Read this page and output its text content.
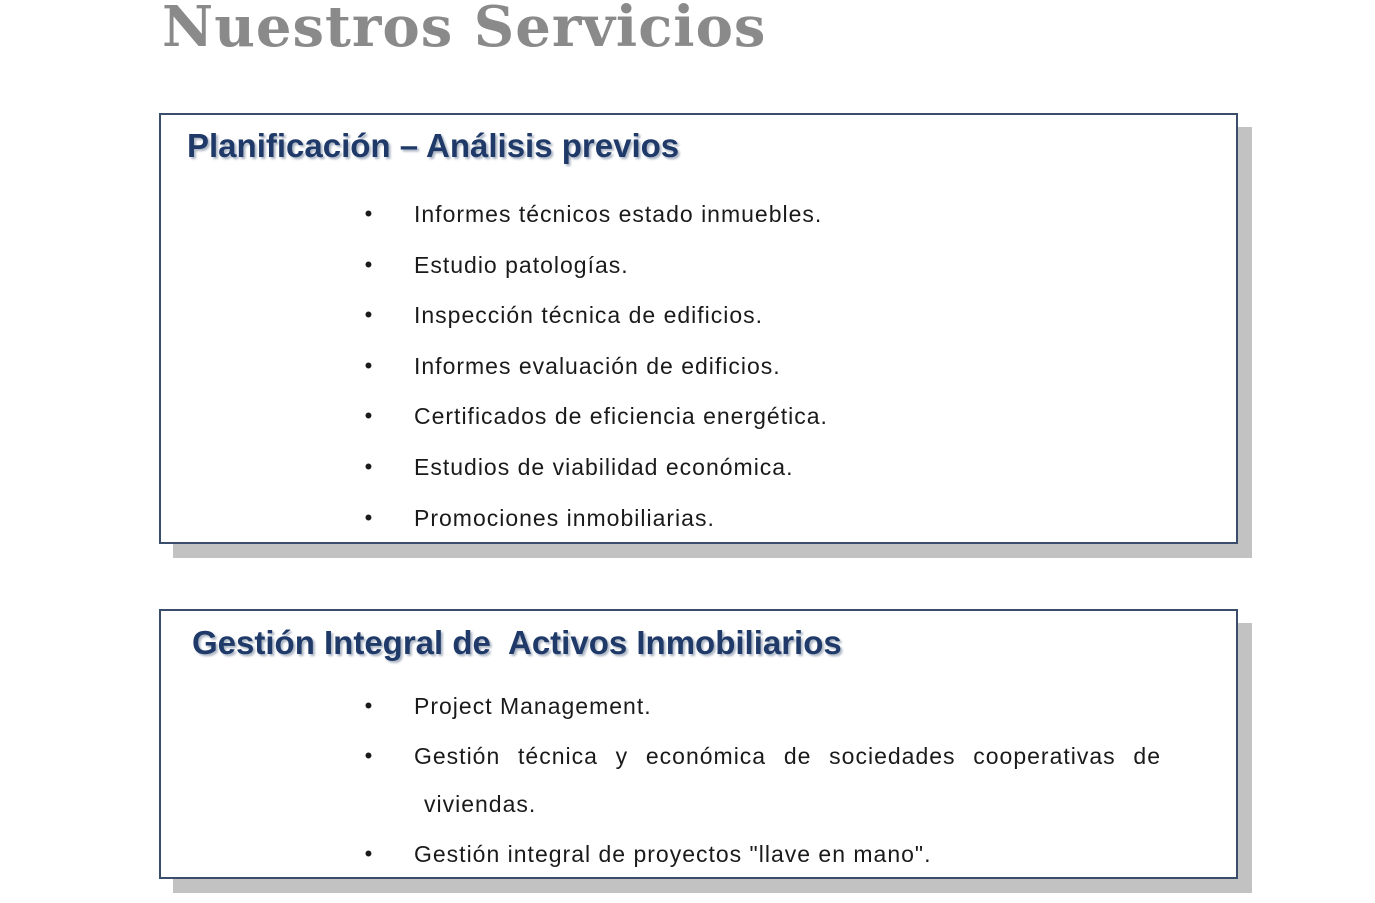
Nuestros Servicios
Planificación – Análisis previos
• Informes técnicos estado inmuebles.
• Estudio patologías.
• Inspección técnica de edificios.
• Informes evaluación de edificios.
• Certificados de eficiencia energética.
• Estudios de viabilidad económica.
• Promociones inmobiliarias.
Gestión Integral de  Activos Inmobiliarios
• Project Management.
• Gestión técnica y económica de sociedades cooperativas de
viviendas.
• Gestión integral de proyectos "llave en mano".
